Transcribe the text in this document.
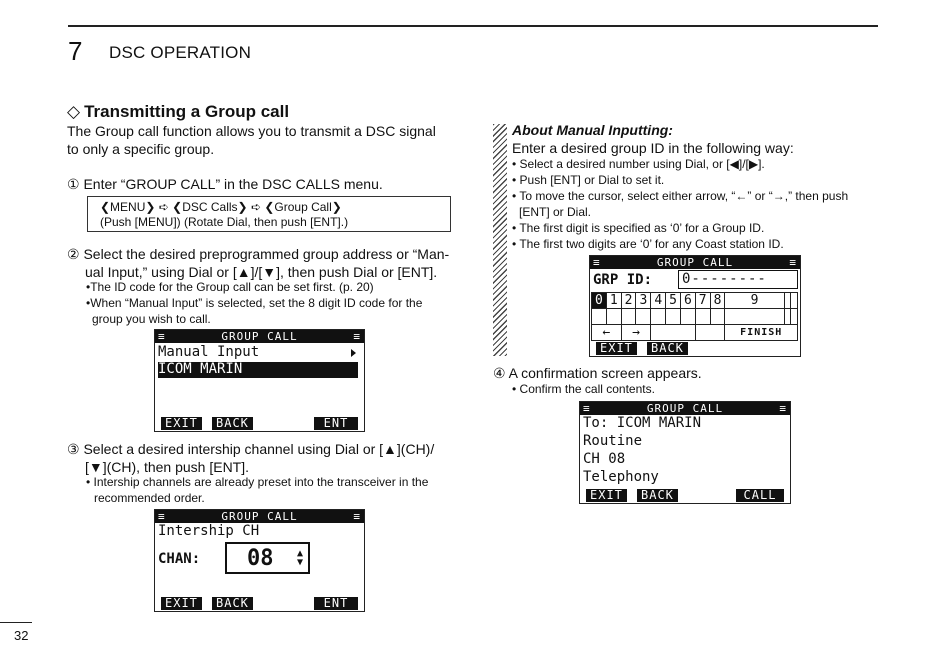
7 DSC OPERATION
◇ Transmitting a Group call
The Group call function allows you to transmit a DSC signal
to only a specific group.
① Enter “GROUP CALL” in the DSC CALLS menu.
❮MENU❯ ➪ ❮DSC Calls❯ ➪ ❮Group Call❯
(Push [MENU]) (Rotate Dial, then push [ENT].)
② Select the desired preprogrammed group address or “Man-
ual Input,” using Dial or [▲]/[▼], then push Dial or [ENT].
•The ID code for the Group call can be set first. (p. 20)
•When “Manual Input” is selected, set the 8 digit ID code for the
group you wish to call.
≡	GROUP CALL	≡
Manual Input
ICOM MARIN
EXIT	BACK	ENT
③ Select a desired intership channel using Dial or [▲](CH)/
[▼](CH), then push [ENT].
• Intership channels are already preset into the transceiver in the
recommended order.
≡	GROUP CALL	≡
Intership CH
CHAN: 08 ▲
▼
EXIT	BACK	ENT
About Manual Inputting:
Enter a desired group ID in the following way:
• Select a desired number using Dial, or [◀]/[▶].
• Push [ENT] or Dial to set it.
• To move the cursor, select either arrow, “←” or “→,” then push
[ENT] or Dial.
• The first digit is specified as ‘0’ for a Group ID.
• The first two digits are ‘0’ for any Coast station ID.
≡	GROUP CALL	≡
GRP ID: 0--------
0	1	2	3	4	5	6	7	8	9		

←		→							FINISH		
EXIT	BACK
④ A confirmation screen appears.
• Confirm the call contents.
≡	GROUP CALL	≡
To: ICOM MARIN
Routine
CH 08
Telephony
EXIT	BACK	CALL
32
